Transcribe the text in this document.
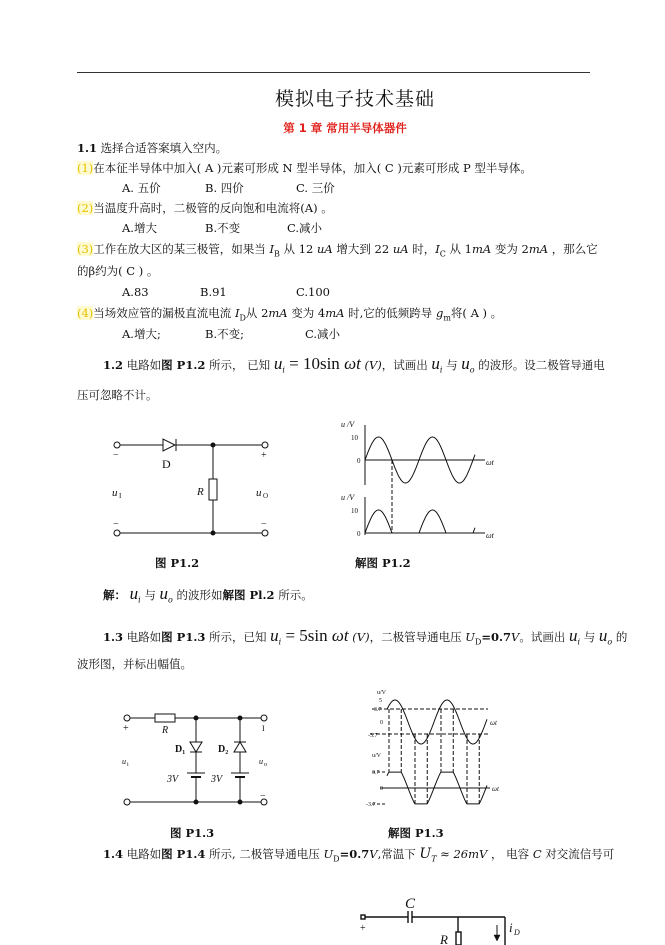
模拟电子技术基础
第 1 章 常用半导体器件
1.1 选择合适答案填入空内。
(1)在本征半导体中加入( A )元素可形成 N 型半导体，加入( C )元素可形成 P 型半导体。
A. 五价	B. 四价	C. 三价
(2)当温度升高时，二极管的反向饱和电流将(A) 。
A.增大	B.不变	C.减小
(3)工作在放大区的某三极管，如果当 $I_B$ 从 12 uA 增大到 22 uA 时，$I_C$ 从 1mA 变为 2mA ，那么它
的β约为( C ) 。
A.83	B.91	C.100
(4)当场效应管的漏极直流电流 $I_D$从 2mA 变为 4mA 时,它的低频跨导 $g_m$将( A ) 。
A.增大;	B.不变;	C.减小
1.2 电路如图 P1.2 所示， 已知 $u_i = 10\sin$ ωt (V)，试画出 $u_i$ 与 $u_o$ 的波形。设二极管导通电
压可忽略不计。
−
D
u I	R	u O
+
−	−
u /V
10
0	ωt
u /V
10
0	ωt
+	R	I
D₁	D₂
u i	u o
3V	3V
−
u/V
5
3.7
0
-3.7
ωt
u/V
3.7
0
-3.7
ωt
C
+
R
i D
图 P1.2	解图 P1.2
解： $u_i$ 与 $u_o$ 的波形如解图 Pl.2 所示。
1.3 电路如图 P1.3 所示，已知 $u_i = 5\sin$ ωt (V)，二极管导通电压 $U_D=0.7V$。试画出 $u_i$ 与 $u_o$ 的
波形图，并标出幅值。
图 P1.3	解图 P1.3
1.4 电路如图 P1.4 所示, 二极管导通电压 $U_D=0.7V$,常温下 $U_T \approx 26mV$ ， 电容 C 对交流信号可
